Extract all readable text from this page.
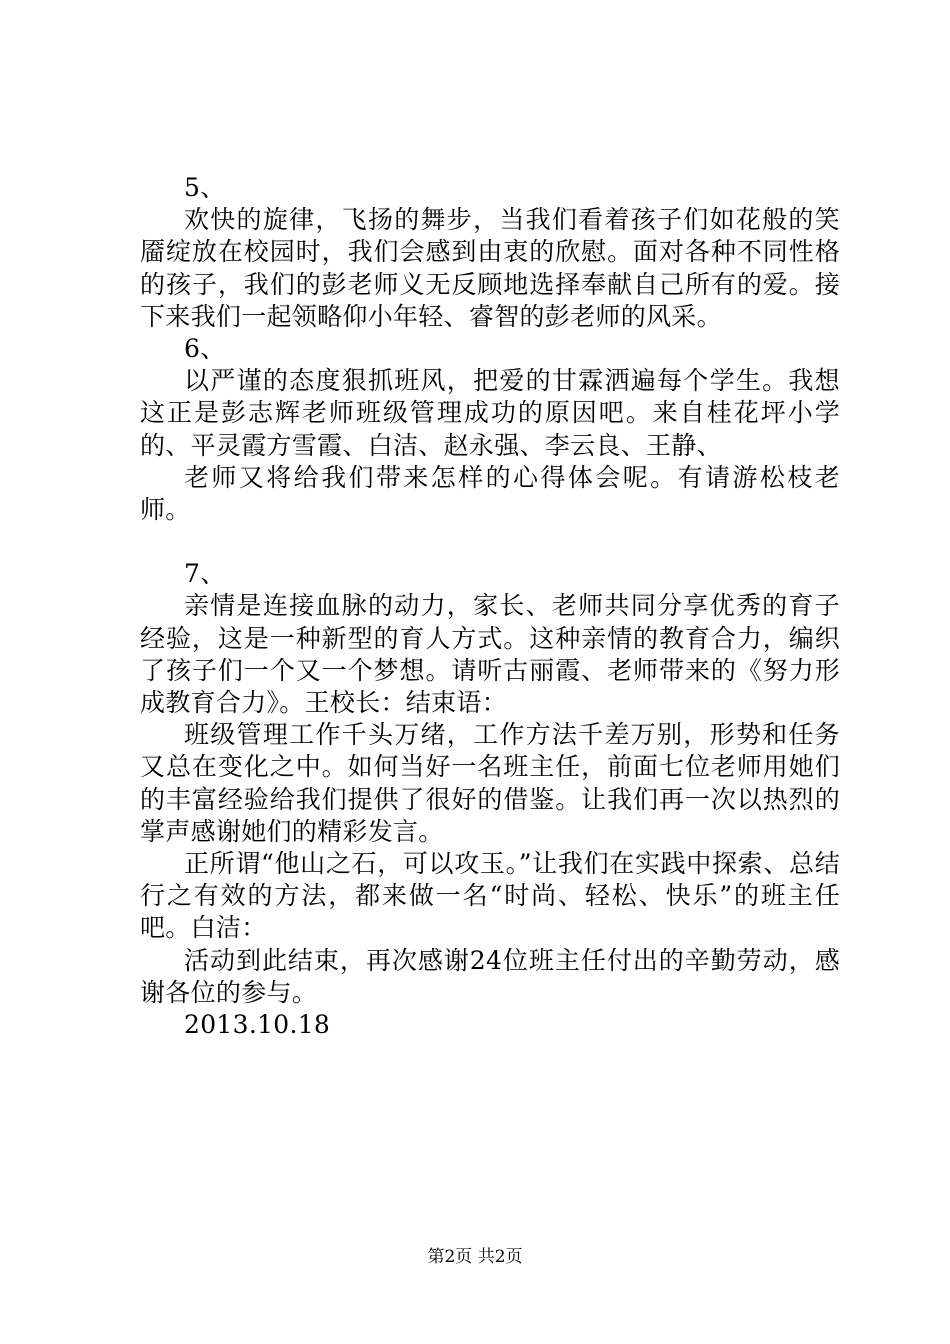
5、

欢快的旋律，飞扬的舞步，当我们看着孩子们如花般的笑靥绽放在校园时，我们会感到由衷的欣慰。面对各种不同性格的孩子，我们的彭老师义无反顾地选择奉献自己所有的爱。接下来我们一起领略仰小年轻、睿智的彭老师的风采。

6、

以严谨的态度狠抓班风，把爱的甘霖洒遍每个学生。我想这正是彭志辉老师班级管理成功的原因吧。来自桂花坪小学的、平灵霞方雪霞、白洁、赵永强、李云良、王静、

老师又将给我们带来怎样的心得体会呢。有请游松枝老师。

7、

亲情是连接血脉的动力，家长、老师共同分享优秀的育子经验，这是一种新型的育人方式。这种亲情的教育合力，编织了孩子们一个又一个梦想。请听古丽霞、老师带来的《努力形成教育合力》。王校长：结束语：

班级管理工作千头万绪，工作方法千差万别，形势和任务又总在变化之中。如何当好一名班主任，前面七位老师用她们的丰富经验给我们提供了很好的借鉴。让我们再一次以热烈的掌声感谢她们的精彩发言。

正所谓“他山之石，可以攻玉。”让我们在实践中探索、总结行之有效的方法，都来做一名“时尚、轻松、快乐”的班主任吧。白洁：

活动到此结束，再次感谢24位班主任付出的辛勤劳动，感谢各位的参与。

2013.10.18

第2页 共2页
